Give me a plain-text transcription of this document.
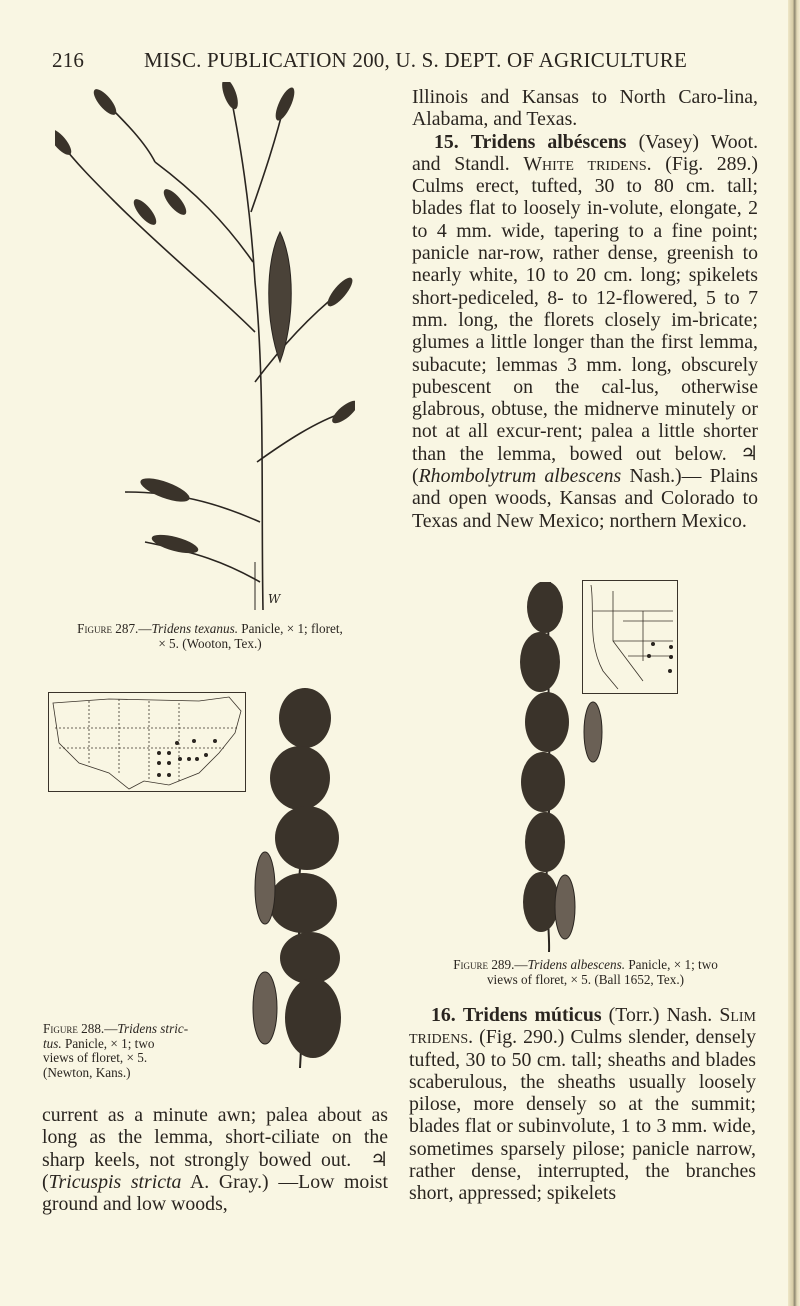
216	MISC. PUBLICATION 200, U. S. DEPT. OF AGRICULTURE
W
Figure 287.—Tridens texanus. Panicle, × 1; floret,
× 5. (Wooton, Tex.)
Figure 288.—Tridens stric-
tus. Panicle, × 1; two
views of floret, × 5.
(Newton, Kans.)

current as a minute awn; palea about as long as the lemma, short-ciliate on the sharp keels, not strongly bowed out. ♃ (Tricuspis stricta A. Gray.) —Low moist ground and low woods,

Illinois and Kansas to North Caro-lina, Alabama, and Texas.

15. Tridens albéscens (Vasey) Woot. and Standl. White tridens. (Fig. 289.) Culms erect, tufted, 30 to 80 cm. tall; blades flat to loosely in-volute, elongate, 2 to 4 mm. wide, tapering to a fine point; panicle nar-row, rather dense, greenish to nearly white, 10 to 20 cm. long; spikelets short-pediceled, 8- to 12-flowered, 5 to 7 mm. long, the florets closely im-bricate; glumes a little longer than the first lemma, subacute; lemmas 3 mm. long, obscurely pubescent on the cal-lus, otherwise glabrous, obtuse, the midnerve minutely or not at all excur-rent; palea a little shorter than the lemma, bowed out below. ♃ (Rhombolytrum albescens Nash.)— Plains and open woods, Kansas and Colorado to Texas and New Mexico; northern Mexico.

Figure 289.—Tridens albescens. Panicle, × 1; two
views of floret, × 5. (Ball 1652, Tex.)

16. Tridens múticus (Torr.) Nash. Slim tridens. (Fig. 290.) Culms slender, densely tufted, 30 to 50 cm. tall; sheaths and blades scaberulous, the sheaths usually loosely pilose, more densely so at the summit; blades flat or subinvolute, 1 to 3 mm. wide, sometimes sparsely pilose; panicle narrow, rather dense, interrupted, the branches short, appressed; spikelets
